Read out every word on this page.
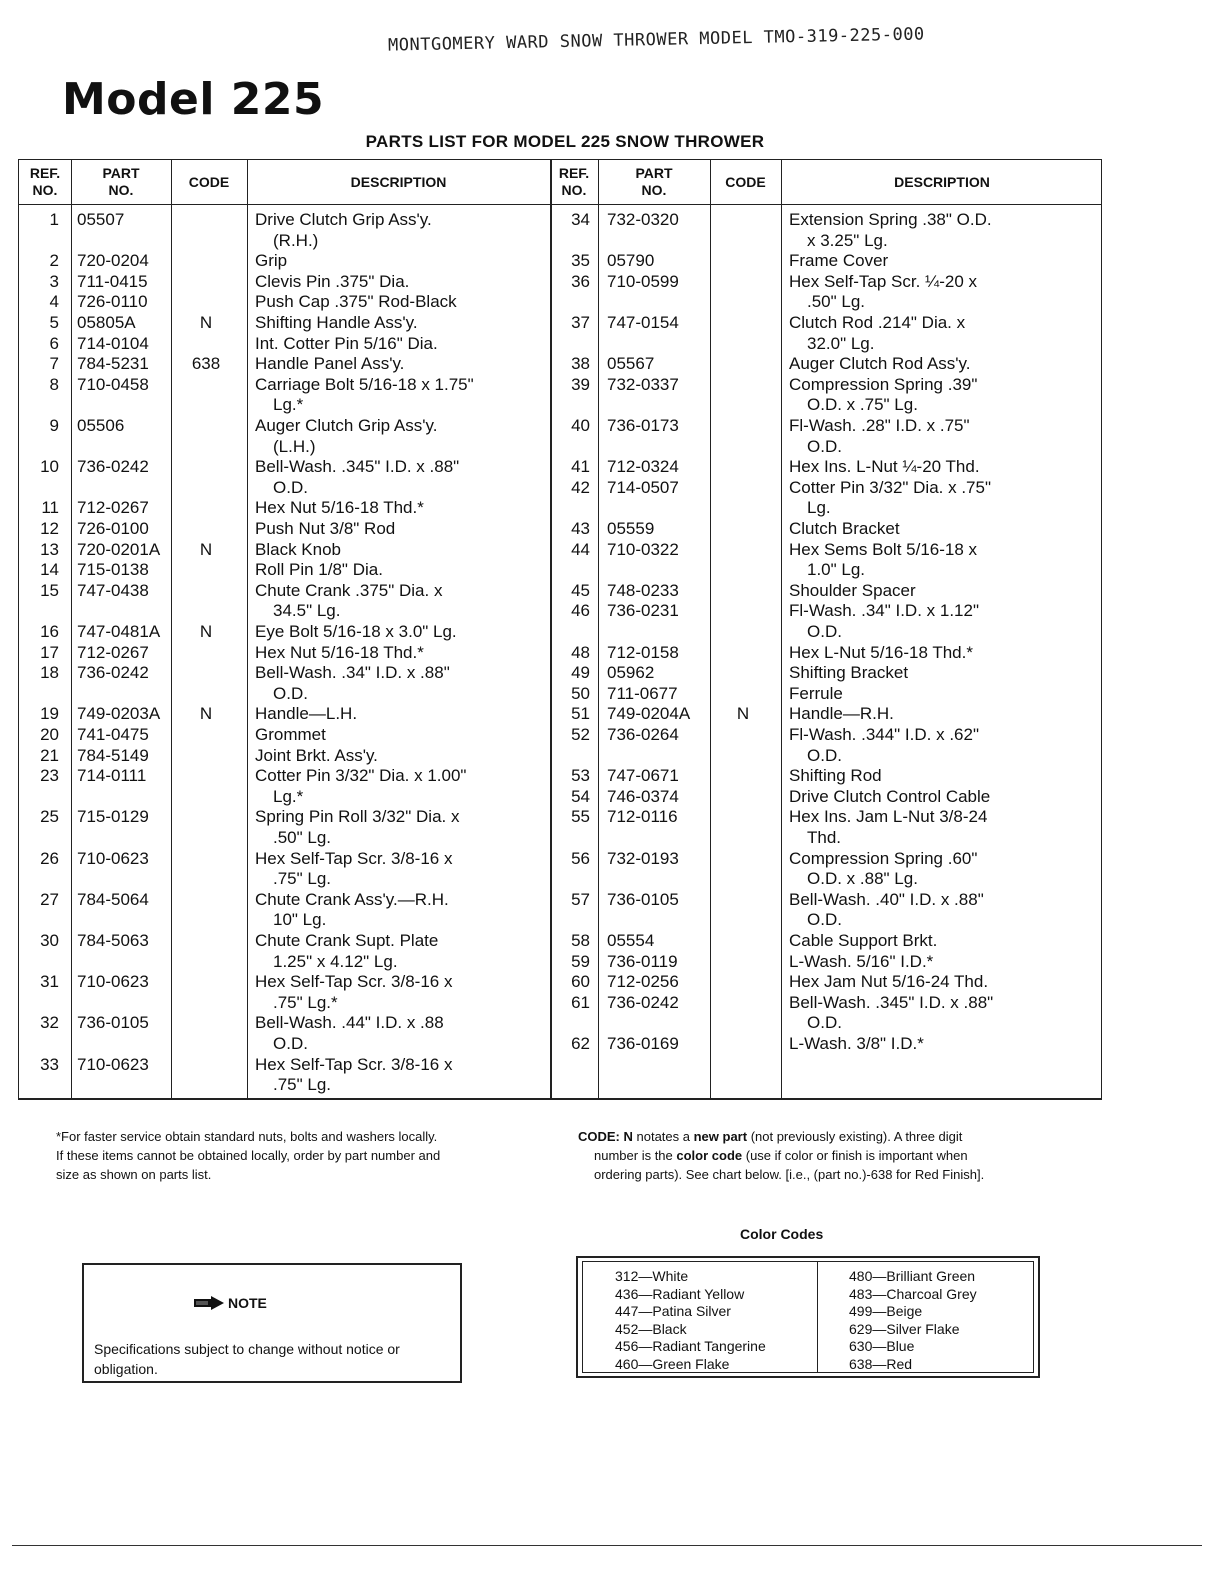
MONTGOMERY WARD SNOW THROWER MODEL TMO-319-225-000
Model 225
PARTS LIST FOR MODEL 225 SNOW THROWER
REF.
NO.
PART
NO.
CODE	DESCRIPTION
REF.
NO.
PART
NO.
CODE	DESCRIPTION
1 05507	Drive Clutch Grip Ass'y.
(R.H.)
2 720-0204	Grip
3 711-0415	Clevis Pin .375" Dia.
4 726-0110	Push Cap .375" Rod-Black
5 05805A	N	Shifting Handle Ass'y.
6 714-0104	Int. Cotter Pin 5/16" Dia.
7 784-5231	638	Handle Panel Ass'y.
8 710-0458	Carriage Bolt 5/16-18 x 1.75"
Lg.*
9 05506	Auger Clutch Grip Ass'y.
(L.H.)
10 736-0242	Bell-Wash. .345" I.D. x .88"
O.D.
11 712-0267	Hex Nut 5/16-18 Thd.*
12 726-0100	Push Nut 3/8" Rod
13 720-0201A	N	Black Knob
14 715-0138	Roll Pin 1/8" Dia.
15 747-0438	Chute Crank .375" Dia. x
34.5" Lg.
16 747-0481A	N	Eye Bolt 5/16-18 x 3.0" Lg.
17 712-0267	Hex Nut 5/16-18 Thd.*
18 736-0242	Bell-Wash. .34" I.D. x .88"
O.D.
19 749-0203A	N	Handle—L.H.
20 741-0475	Grommet
21 784-5149	Joint Brkt. Ass'y.
23 714-0111	Cotter Pin 3/32" Dia. x 1.00"
Lg.*
25 715-0129	Spring Pin Roll 3/32" Dia. x
.50" Lg.
26 710-0623	Hex Self-Tap Scr. 3/8-16 x
.75" Lg.
27 784-5064	Chute Crank Ass'y.—R.H.
10" Lg.
30 784-5063	Chute Crank Supt. Plate
1.25" x 4.12" Lg.
31 710-0623	Hex Self-Tap Scr. 3/8-16 x
.75" Lg.*
32 736-0105	Bell-Wash. .44" I.D. x .88
O.D.
33 710-0623	Hex Self-Tap Scr. 3/8-16 x
.75" Lg.
34 732-0320	Extension Spring .38" O.D.
x 3.25" Lg.
35 05790	Frame Cover
36 710-0599	Hex Self-Tap Scr. ¼-20 x
.50" Lg.
37 747-0154	Clutch Rod .214" Dia. x
32.0" Lg.
38 05567	Auger Clutch Rod Ass'y.
39 732-0337	Compression Spring .39"
O.D. x .75" Lg.
40 736-0173	Fl-Wash. .28" I.D. x .75"
O.D.
41 712-0324	Hex Ins. L-Nut ¼-20 Thd.
42 714-0507	Cotter Pin 3/32" Dia. x .75"
Lg.
43 05559	Clutch Bracket
44 710-0322	Hex Sems Bolt 5/16-18 x
1.0" Lg.
45 748-0233	Shoulder Spacer
46 736-0231	Fl-Wash. .34" I.D. x 1.12"
O.D.
48 712-0158	Hex L-Nut 5/16-18 Thd.*
49 05962	Shifting Bracket
50 711-0677	Ferrule
51 749-0204A	N	Handle—R.H.
52 736-0264	Fl-Wash. .344" I.D. x .62"
O.D.
53 747-0671	Shifting Rod
54 746-0374	Drive Clutch Control Cable
55 712-0116	Hex Ins. Jam L-Nut 3/8-24
Thd.
56 732-0193	Compression Spring .60"
O.D. x .88" Lg.
57 736-0105	Bell-Wash. .40" I.D. x .88"
O.D.
58 05554	Cable Support Brkt.
59 736-0119	L-Wash. 5/16" I.D.*
60 712-0256	Hex Jam Nut 5/16-24 Thd.
61 736-0242	Bell-Wash. .345" I.D. x .88"
O.D.
62 736-0169	L-Wash. 3/8" I.D.*
*For faster service obtain standard nuts, bolts and washers locally.
If these items cannot be obtained locally, order by part number and
size as shown on parts list.
CODE: N notates a new part (not previously existing). A three digit
number is the color code (use if color or finish is important when
ordering parts). See chart below. [i.e., (part no.)-638 for Red Finish].
NOTE
Specifications subject to change without notice or obligation.
Color Codes
312—White
436—Radiant Yellow
447—Patina Silver
452—Black
456—Radiant Tangerine
460—Green Flake
480—Brilliant Green
483—Charcoal Grey
499—Beige
629—Silver Flake
630—Blue
638—Red
